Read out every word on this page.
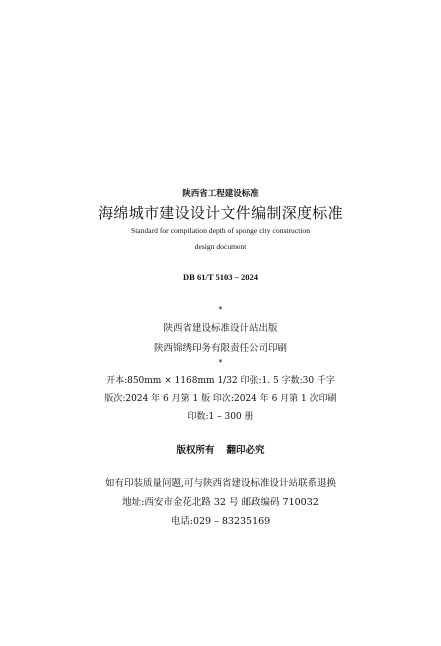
陕西省工程建设标准
海绵城市建设设计文件编制深度标准
Standard for compilation depth of sponge city construction
design document
DB 61/T 5103 – 2024
*
陕西省建设标准设计站出版
陕西锦绣印务有限责任公司印刷
*
开本:850mm × 1168mm 1/32 印张:1. 5 字数:30 千字
版次:2024 年 6 月第 1 版 印次:2024 年 6 月第 1 次印刷
印数:1 – 300 册
版权所有 翻印必究
如有印装质量问题,可与陕西省建设标准设计站联系退换
地址:西安市金花北路 32 号 邮政编码 710032
电话:029 – 83235169
